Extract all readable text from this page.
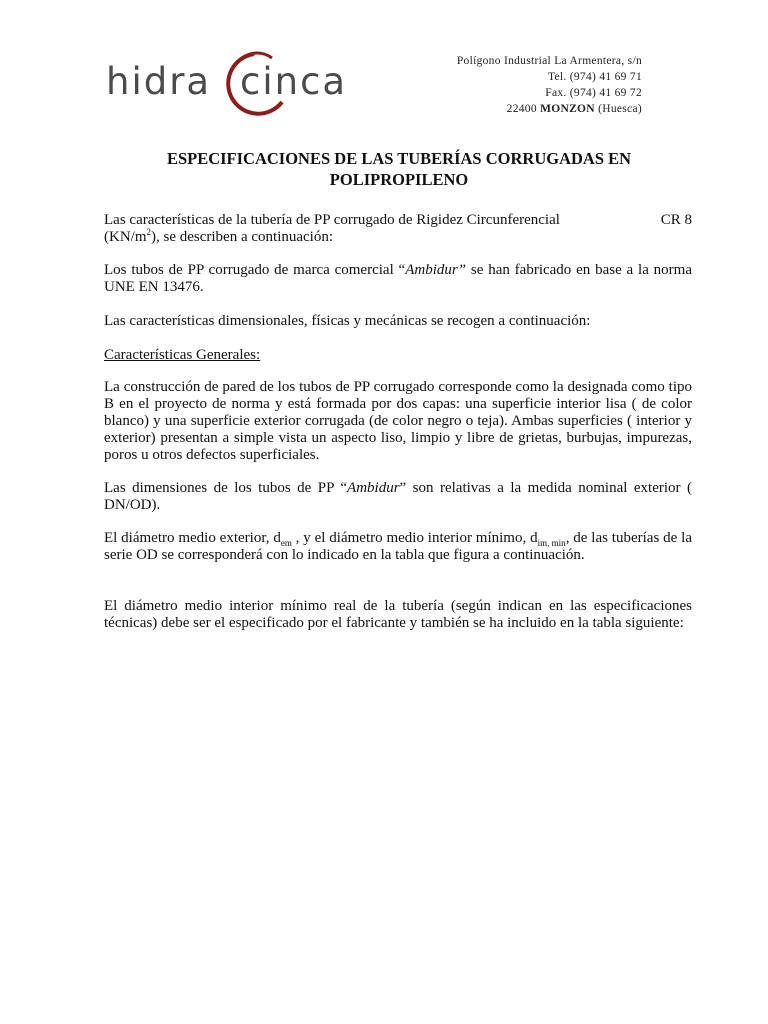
hidra cinca	Polígono Industrial La Armentera, s/n
Tel. (974) 41 69 71
Fax. (974) 41 69 72
22400 MONZON (Huesca)
ESPECIFICACIONES DE LAS TUBERÍAS CORRUGADAS EN
POLIPROPILENO

Las características de la tubería de PP corrugado de Rigidez Circunferencial	CR 8
$(KN/m^2)$, se describen a continuación:

Los tubos de PP corrugado de marca comercial “Ambidur” se han fabricado en base a la norma UNE EN 13476.

Las características dimensionales, físicas y mecánicas se recogen a continuación:

Características Generales:

La construcción de pared de los tubos de PP corrugado corresponde como la designada como tipo B en el proyecto de norma y está formada por dos capas: una superficie interior lisa ( de color blanco) y una superficie exterior corrugada (de color negro o teja). Ambas superficies ( interior y exterior) presentan a simple vista un aspecto liso, limpio y libre de grietas, burbujas, impurezas, poros u otros defectos superficiales.

Las dimensiones de los tubos de PP “Ambidur” son relativas a la medida nominal exterior ( DN/OD).

El diámetro medio exterior, $d_{em}$ , y el diámetro medio interior mínimo, $d_{im, min}$, de las tuberías de la serie OD se corresponderá con lo indicado en la tabla que figura a continuación.

El diámetro medio interior mínimo real de la tubería (según indican en las especificaciones técnicas) debe ser el especificado por el fabricante y también se ha incluido en la tabla siguiente:
